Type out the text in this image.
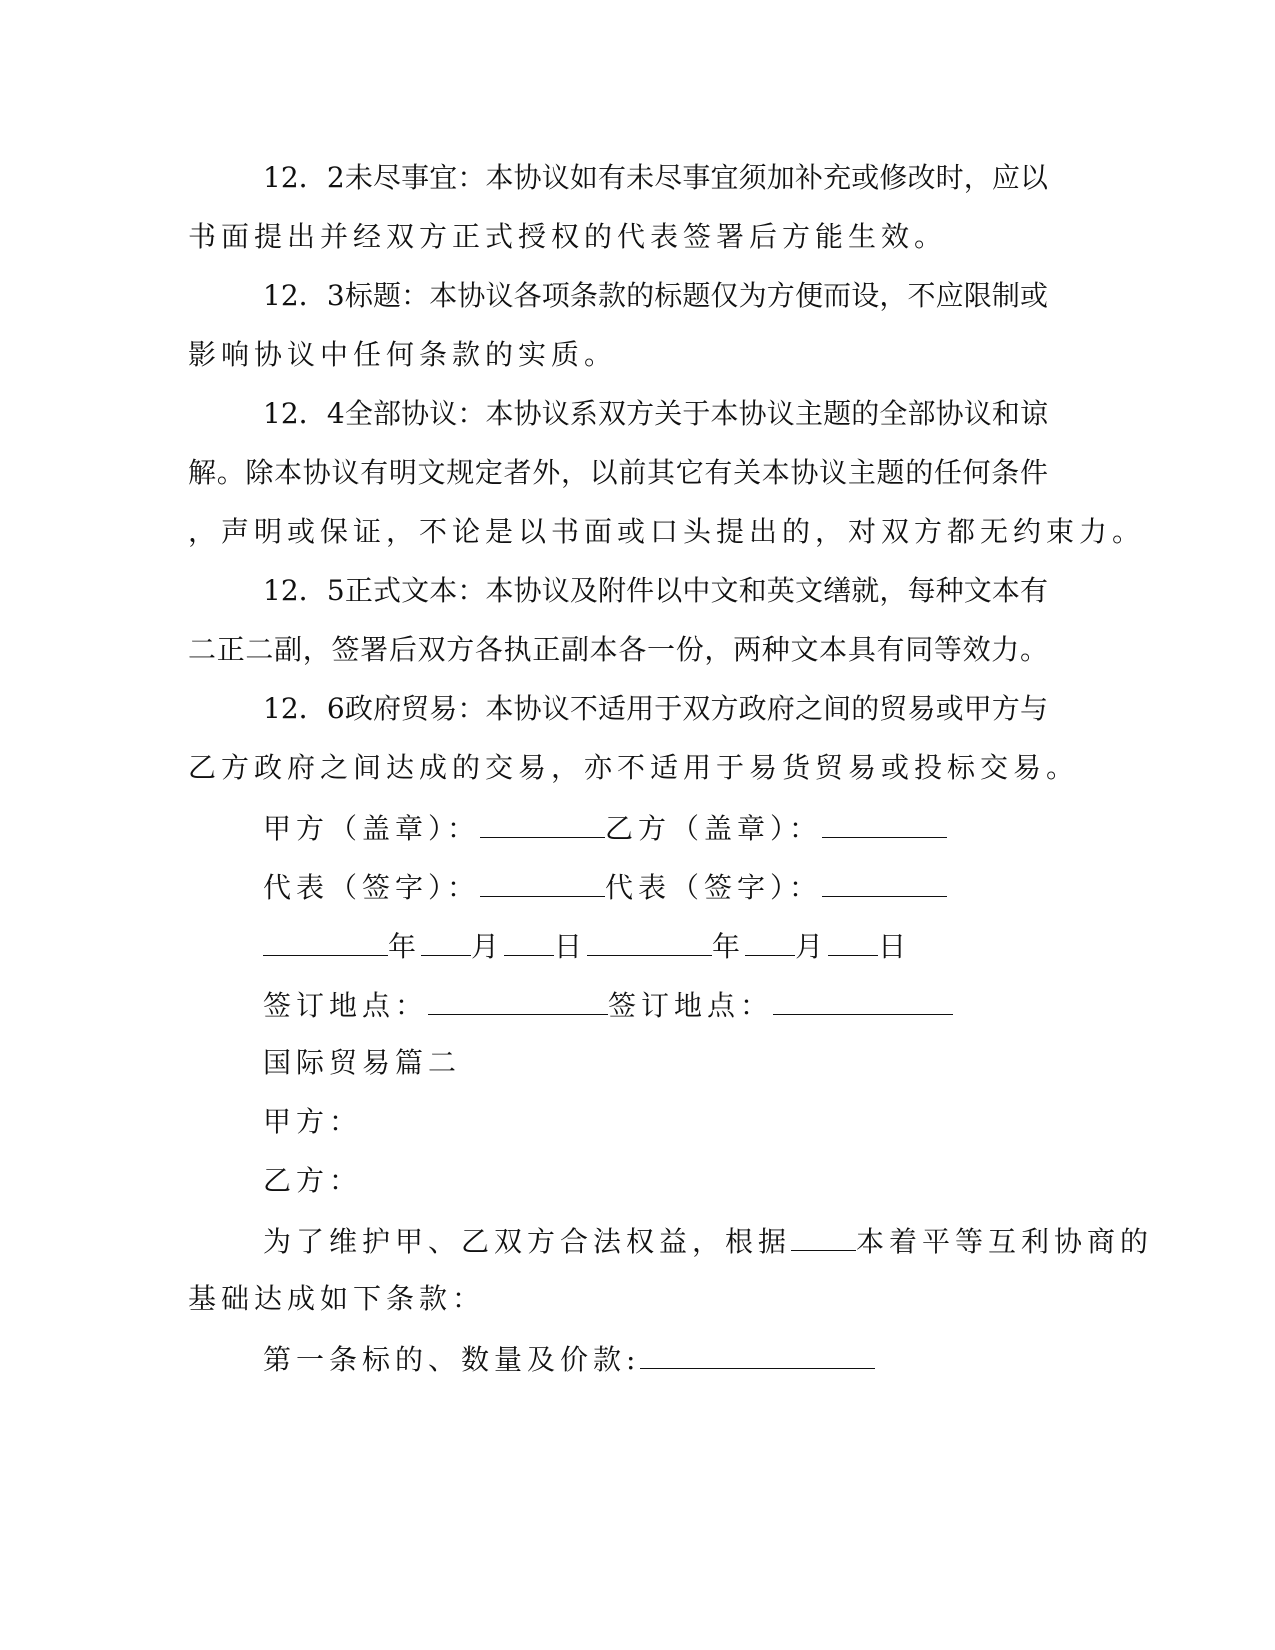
12．2未尽事宜：本协议如有未尽事宜须加补充或修改时，应以
书面提出并经双方正式授权的代表签署后方能生效。
12．3标题：本协议各项条款的标题仅为方便而设，不应限制或
影响协议中任何条款的实质。
12．4全部协议：本协议系双方关于本协议主题的全部协议和谅
解。除本协议有明文规定者外，以前其它有关本协议主题的任何条件
，声明或保证，不论是以书面或口头提出的，对双方都无约束力。
12．5正式文本：本协议及附件以中文和英文缮就，每种文本有
二正二副，签署后双方各执正副本各一份，两种文本具有同等效力。
12．6政府贸易：本协议不适用于双方政府之间的贸易或甲方与
乙方政府之间达成的交易，亦不适用于易货贸易或投标交易。
甲方（盖章）：	乙方（盖章）：
代表（签字）：	代表（签字）：
年 月 日	年 月 日
签订地点：	签订地点：
国际贸易篇二
甲方：
乙方：
为了维护甲、乙双方合法权益，根据 本着平等互利协商的
基础达成如下条款：
第一条标的、数量及价款:
